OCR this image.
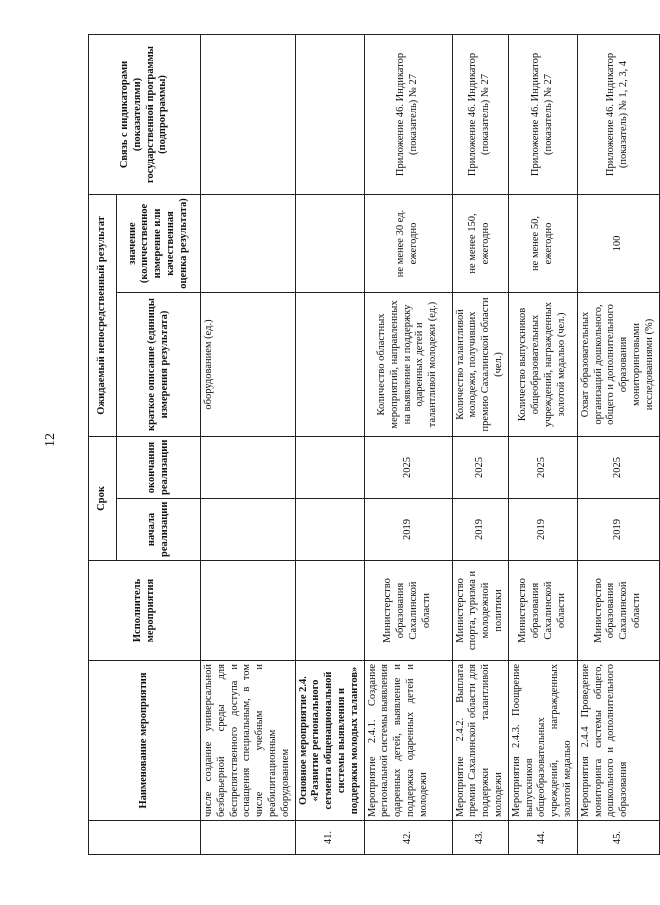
12
	Наименование мероприятия	Исполнитель мероприятия	Срок		Ожидаемый непосредственный результат		Связь с индикаторами (показателями) государственной программы (подпрограммы)
			начала реализации	окончания реализации	краткое описание (единицы измерения результата)	значение (количественное измерение или качественная оценка результата)	
	числе создание универсальной безбарьерной среды для беспрепятственного доступа и оснащения специальным, в том числе учебным и реабилитационным оборудованием				оборудованием (ед.)		
41.	Основное мероприятие 2.4. «Развитие регионального сегмента общенациональной системы выявления и поддержки молодых талантов»						
42.	Мероприятие 2.4.1. Создание региональной системы выявления одаренных детей, выявление и поддержка одаренных детей и молодежи	Министерство образования Сахалинской области	2019	2025	Количество областных мероприятий, направленных на выявление и поддержку одаренных детей и талантливой молодежи (ед.)	не менее 30 ед. ежегодно	Приложение 46. Индикатор (показатель) № 27
43.	Мероприятие 2.4.2. Выплата премии Сахалинской области для поддержки талантливой молодежи	Министерство спорта, туризма и молодежной политики	2019	2025	Количество талантливой молодежи, получивших премию Сахалинской области (чел.)	не менее 150, ежегодно	Приложение 46. Индикатор (показатель) № 27
44.	Мероприятия 2.4.3. Поощрение выпускников общеобразовательных учреждений, награжденных золотой медалью	Министерство образования Сахалинской области	2019	2025	Количество выпускников общеобразовательных учреждений, награжденных золотой медалью (чел.)	не менее 50, ежегодно	Приложение 46. Индикатор (показатель) № 27
45.	Мероприятия 2.4.4 Проведение мониторинга системы общего, дошкольного и дополнительного образования	Министерство образования Сахалинской области	2019	2025	Охват образовательных организаций дошкольного, общего и дополнительного образования мониторинговыми исследованиями (%)	100	Приложение 46. Индикатор (показатель) № 1, 2, 3, 4
